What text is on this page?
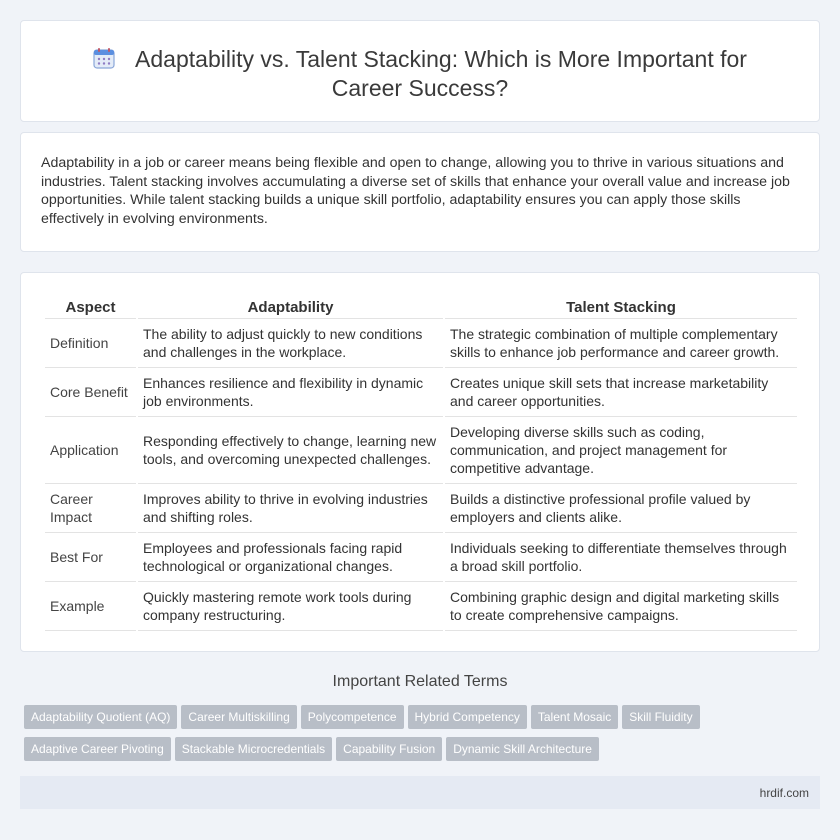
Adaptability vs. Talent Stacking: Which is More Important for
Career Success?

Adaptability in a job or career means being flexible and open to change, allowing you to thrive in various situations and industries. Talent stacking involves accumulating a diverse set of skills that enhance your overall value and increase job opportunities. While talent stacking builds a unique skill portfolio, adaptability ensures you can apply those skills effectively in evolving environments.

Aspect	Adaptability	Talent Stacking
Definition	The ability to adjust quickly to new conditions and challenges in the workplace.	The strategic combination of multiple complementary skills to enhance job performance and career growth.
Core Benefit	Enhances resilience and flexibility in dynamic job environments.	Creates unique skill sets that increase marketability and career opportunities.
Application	Responding effectively to change, learning new tools, and overcoming unexpected challenges.	Developing diverse skills such as coding, communication, and project management for competitive advantage.
Career Impact	Improves ability to thrive in evolving industries and shifting roles.	Builds a distinctive professional profile valued by employers and clients alike.
Best For	Employees and professionals facing rapid technological or organizational changes.	Individuals seeking to differentiate themselves through a broad skill portfolio.
Example	Quickly mastering remote work tools during company restructuring.	Combining graphic design and digital marketing skills to create comprehensive campaigns.
Important Related Terms
Adaptability Quotient (AQ) Career Multiskilling Polycompetence Hybrid Competency Talent Mosaic Skill Fluidity
Adaptive Career Pivoting Stackable Microcredentials Capability Fusion Dynamic Skill Architecture
hrdif.com
